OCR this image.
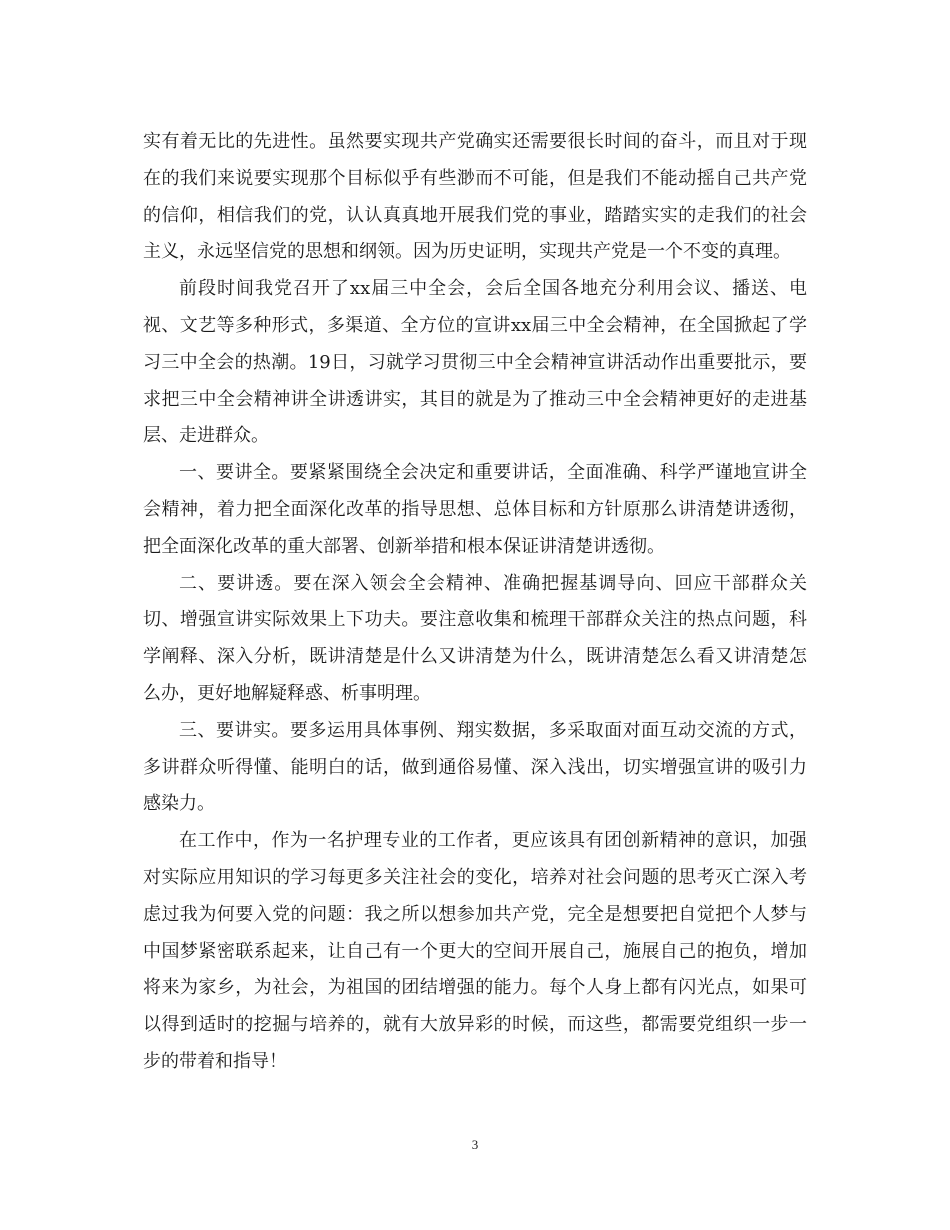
实有着无比的先进性。虽然要实现共产党确实还需要很长时间的奋斗，而且对于现在的我们来说要实现那个目标似乎有些渺而不可能，但是我们不能动摇自己共产党的信仰，相信我们的党，认认真真地开展我们党的事业，踏踏实实的走我们的社会主义，永远坚信党的思想和纲领。因为历史证明，实现共产党是一个不变的真理。

前段时间我党召开了xx届三中全会，会后全国各地充分利用会议、播送、电视、文艺等多种形式，多渠道、全方位的宣讲xx届三中全会精神，在全国掀起了学习三中全会的热潮。19日，习就学习贯彻三中全会精神宣讲活动作出重要批示，要求把三中全会精神讲全讲透讲实，其目的就是为了推动三中全会精神更好的走进基层、走进群众。

一、要讲全。要紧紧围绕全会决定和重要讲话，全面准确、科学严谨地宣讲全会精神，着力把全面深化改革的指导思想、总体目标和方针原那么讲清楚讲透彻，把全面深化改革的重大部署、创新举措和根本保证讲清楚讲透彻。

二、要讲透。要在深入领会全会精神、准确把握基调导向、回应干部群众关切、增强宣讲实际效果上下功夫。要注意收集和梳理干部群众关注的热点问题，科学阐释、深入分析，既讲清楚是什么又讲清楚为什么，既讲清楚怎么看又讲清楚怎么办，更好地解疑释惑、析事明理。

三、要讲实。要多运用具体事例、翔实数据，多采取面对面互动交流的方式，多讲群众听得懂、能明白的话，做到通俗易懂、深入浅出，切实增强宣讲的吸引力感染力。

在工作中，作为一名护理专业的工作者，更应该具有团创新精神的意识，加强对实际应用知识的学习每更多关注社会的变化，培养对社会问题的思考灭亡深入考虑过我为何要入党的问题：我之所以想参加共产党，完全是想要把自觉把个人梦与中国梦紧密联系起来，让自己有一个更大的空间开展自己，施展自己的抱负，增加将来为家乡，为社会，为祖国的团结增强的能力。每个人身上都有闪光点，如果可以得到适时的挖掘与培养的，就有大放异彩的时候，而这些，都需要党组织一步一步的带着和指导！

3
